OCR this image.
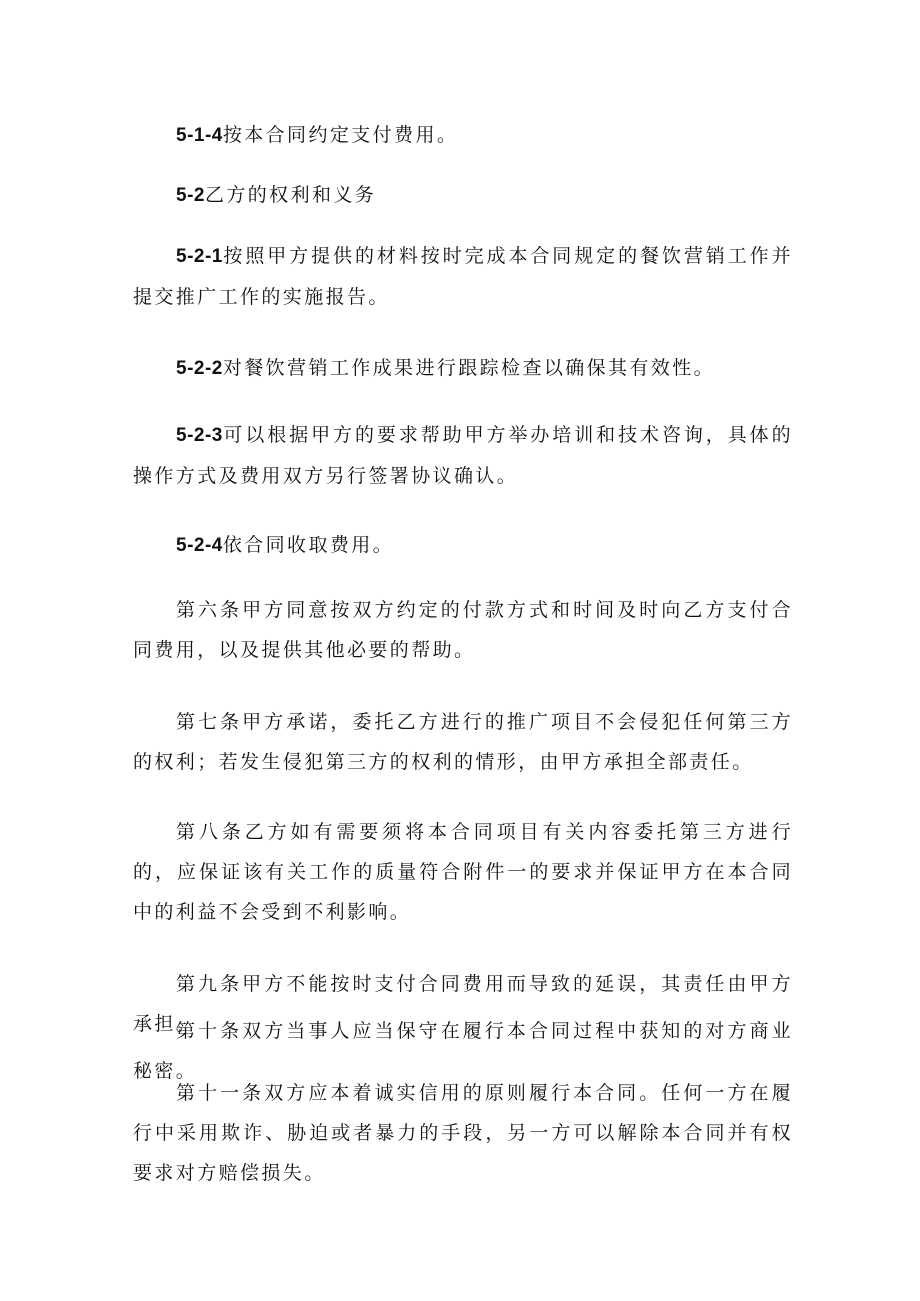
5-1-4按本合同约定支付费用。

5-2乙方的权利和义务

5-2-1按照甲方提供的材料按时完成本合同规定的餐饮营销工作并提交推广工作的实施报告。

5-2-2对餐饮营销工作成果进行跟踪检查以确保其有效性。

5-2-3可以根据甲方的要求帮助甲方举办培训和技术咨询，具体的操作方式及费用双方另行签署协议确认。

5-2-4依合同收取费用。

第六条甲方同意按双方约定的付款方式和时间及时向乙方支付合同费用，以及提供其他必要的帮助。

第七条甲方承诺，委托乙方进行的推广项目不会侵犯任何第三方的权利；若发生侵犯第三方的权利的情形，由甲方承担全部责任。

第八条乙方如有需要须将本合同项目有关内容委托第三方进行的，应保证该有关工作的质量符合附件一的要求并保证甲方在本合同中的利益不会受到不利影响。

第九条甲方不能按时支付合同费用而导致的延误，其责任由甲方承担。

第十条双方当事人应当保守在履行本合同过程中获知的对方商业秘密。

第十一条双方应本着诚实信用的原则履行本合同。任何一方在履行中采用欺诈、胁迫或者暴力的手段，另一方可以解除本合同并有权要求对方赔偿损失。
